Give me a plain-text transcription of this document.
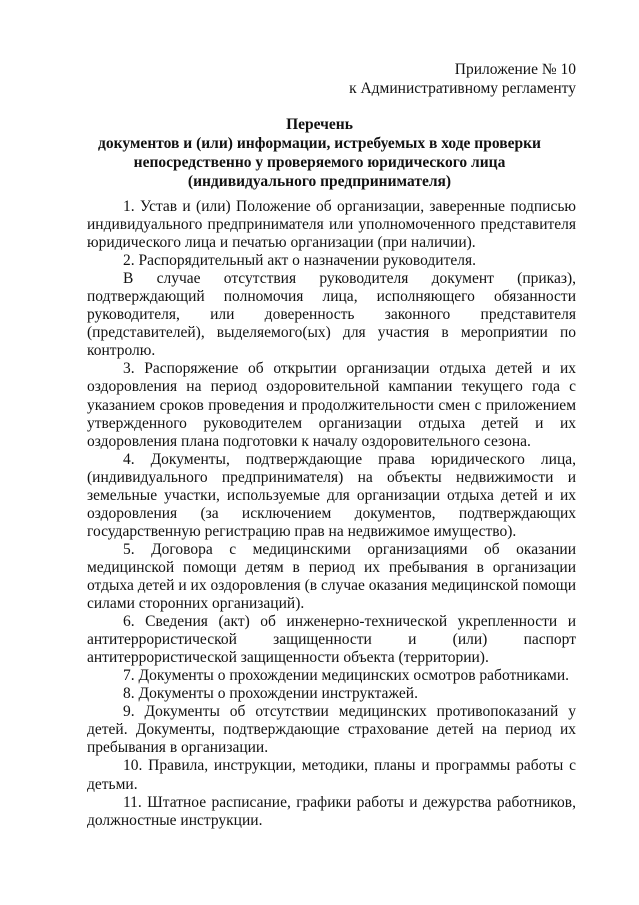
Приложение № 10
к Административному регламенту
Перечень
документов и (или) информации, истребуемых в ходе проверки
непосредственно у проверяемого юридического лица
(индивидуального предпринимателя)

1. Устав и (или) Положение об организации, заверенные подписью индивидуального предпринимателя или уполномоченного представителя юридического лица и печатью организации (при наличии).

2. Распорядительный акт о назначении руководителя.

В случае отсутствия руководителя документ (приказ), подтверждающий полномочия лица, исполняющего обязанности руководителя, или доверенность законного представителя (представителей), выделяемого(ых) для участия в мероприятии по контролю.

3. Распоряжение об открытии организации отдыха детей и их оздоровления на период оздоровительной кампании текущего года с указанием сроков проведения и продолжительности смен с приложением утвержденного руководителем организации отдыха детей и их оздоровления плана подготовки к началу оздоровительного сезона.

4. Документы, подтверждающие права юридического лица, (индивидуального предпринимателя) на объекты недвижимости и земельные участки, используемые для организации отдыха детей и их оздоровления (за исключением документов, подтверждающих государственную регистрацию прав на недвижимое имущество).

5. Договора с медицинскими организациями об оказании медицинской помощи детям в период их пребывания в организации отдыха детей и их оздоровления (в случае оказания медицинской помощи силами сторонних организаций).

6. Сведения (акт) об инженерно-технической укрепленности и антитеррористической защищенности и (или) паспорт антитеррористической защищенности объекта (территории).

7. Документы о прохождении медицинских осмотров работниками.

8. Документы о прохождении инструктажей.

9. Документы об отсутствии медицинских противопоказаний у детей. Документы, подтверждающие страхование детей на период их пребывания в организации.

10. Правила, инструкции, методики, планы и программы работы с детьми.

11. Штатное расписание, графики работы и дежурства работников, должностные инструкции.
